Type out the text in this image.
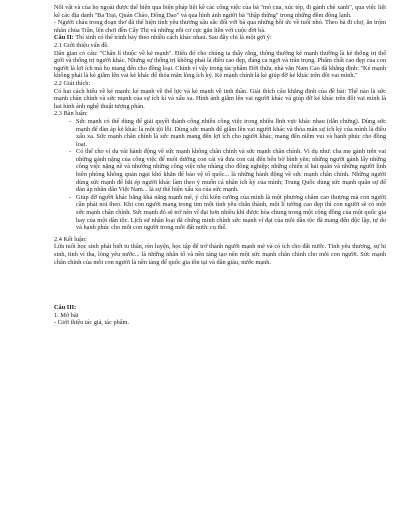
Nối vật và của họ ngoài được thể hiện qua biện pháp liệt kê các công việc của bà "mò cua, xúc tép, đi gánh chè xanh", qua việc liệt kê các địa danh "Ba Trại, Quán Cháo, Đồng Dao" và qua hình ảnh người bà "thập thững" trong những đêm đông lạnh.

- Người cháu trong đoạn thơ đã thể hiện tình yêu thương sâu sắc đối với bà qua những hồi ức về tuổi nhỏ. Theo bà đi chợ, ăn trộm nhãn chùa Trần, lên chơi đền Cây Thị và những nỗi cơ cực gắn liền với cuộc đời bà.

Câu II: Thí sinh có thể trình bày theo nhiều cách khác nhau. Sau đây chỉ là một gợi ý:

2.1 Giới thiệu vấn đề.

Dân gian có câu: "Chân lí thuộc về kẻ mạnh". Điều đó cho chúng ta thấy rằng, thông thường kẻ mạnh thường là kẻ thống trị thế giới và thống trị người khác. Nhưng sự thống trị không phải là điều cao đẹp, đáng ca ngợi và trân trọng. Phẩm chất cao đẹp của con người là lợi ích mà họ mang đến cho đồng loại. Chính vì vậy trong tác phẩm Đời thừa, nhà văn Nam Cao đã khẳng định: "Kẻ mạnh không phải là kẻ giẫm lên vai kẻ khác để thỏa mãn lòng ích kỷ. Kẻ mạnh chính là kẻ giúp đỡ kẻ khác trên đôi vai mình."

2.2 Giải thích:

Có hai cách hiểu về kẻ mạnh: kẻ mạnh về thể lực và kẻ mạnh về tinh thần. Giải thích câu khẳng định của đề bài: Thế nào là sức mạnh chân chính và sức mạnh của sự ích kỉ và xấu xa. Hình ảnh giẫm lên vai người khác và giúp đỡ kẻ khác trên đôi vai mình là hai hình ảnh nghệ thuật tương phản.

2.3 Bàn luận:

- Sức mạnh có thể dùng để giải quyết thành công nhiều công việc trong nhiều lĩnh vực khác nhau (dẫn chứng). Dùng sức mạnh để đàn áp kẻ khác là một tội lỗi. Dùng sức mạnh để giẫm lên vai người khác và thỏa mãn sự ích kỷ của mình là điều xấu xa. Sức mạnh chân chính là sức mạnh mang đến lợi ích cho người khác, mang đến niềm vui và hạnh phúc cho đồng loại.
- Có thể cho ví dụ vài hành động về sức mạnh không chân chính và sức mạnh chân chính. Ví dụ như: cha mẹ gánh trên vai những gánh nặng của công việc để nuôi dưỡng con cái và đưa con cái đến bến bờ bình yên; những người gánh lấy những công việc nặng nề và nhường những công việc nhẹ nhàng cho đồng nghiệp; những chiến sĩ hải quân và những người lính biên phòng không quản ngại khó khăn để bảo vệ tổ quốc... là những hành động về sức mạnh chân chính. Những người dùng sức mạnh để bắt ép người khác làm theo ý muốn cá nhân ích kỷ của mình; Trung Quốc dùng sức mạnh quân sự để đàn áp nhân dân Việt Nam... là sự thể hiện xấu xa của sức mạnh.
- Giúp đỡ người khác bằng khả năng mạnh mẽ, ý chí kiên cường của mình là một phương châm cao thượng mà con người cần phải noi theo. Khi con người mang trong tim một tình yêu chân thành, một lí tưởng cao đẹp thì con người sẽ có một sức mạnh chân chính. Sức mạnh đó sẽ trở nên vĩ đại hơn nhiều khi được hòa chung trong một cộng đồng của một quốc gia hay của một dân tộc. Lịch sử nhân loại đã chứng minh chính sức mạnh vĩ đại của mỗi dân tộc đã mang đến độc lập, tự do và hạnh phúc cho mỗi con người trong mỗi đất nước cụ thể.

2.4 Kết luận:

Lứa tuổi học sinh phải biết tu thân, rèn luyện, học tập để trở thành người mạnh mẽ và có ích cho đất nước. Tình yêu thương, sự hi sinh, tinh vì tha, lòng yêu nước... là những nhân tố và nền tảng tạo nên một sức mạnh chân chính cho mỗi con người. Sức mạnh chân chính của mỗi con người là nền tảng để quốc gia tồn tại và dân giàu, nước mạnh.

Câu III:

1. Mở bài

- Giới thiệu tác giả, tác phẩm.
